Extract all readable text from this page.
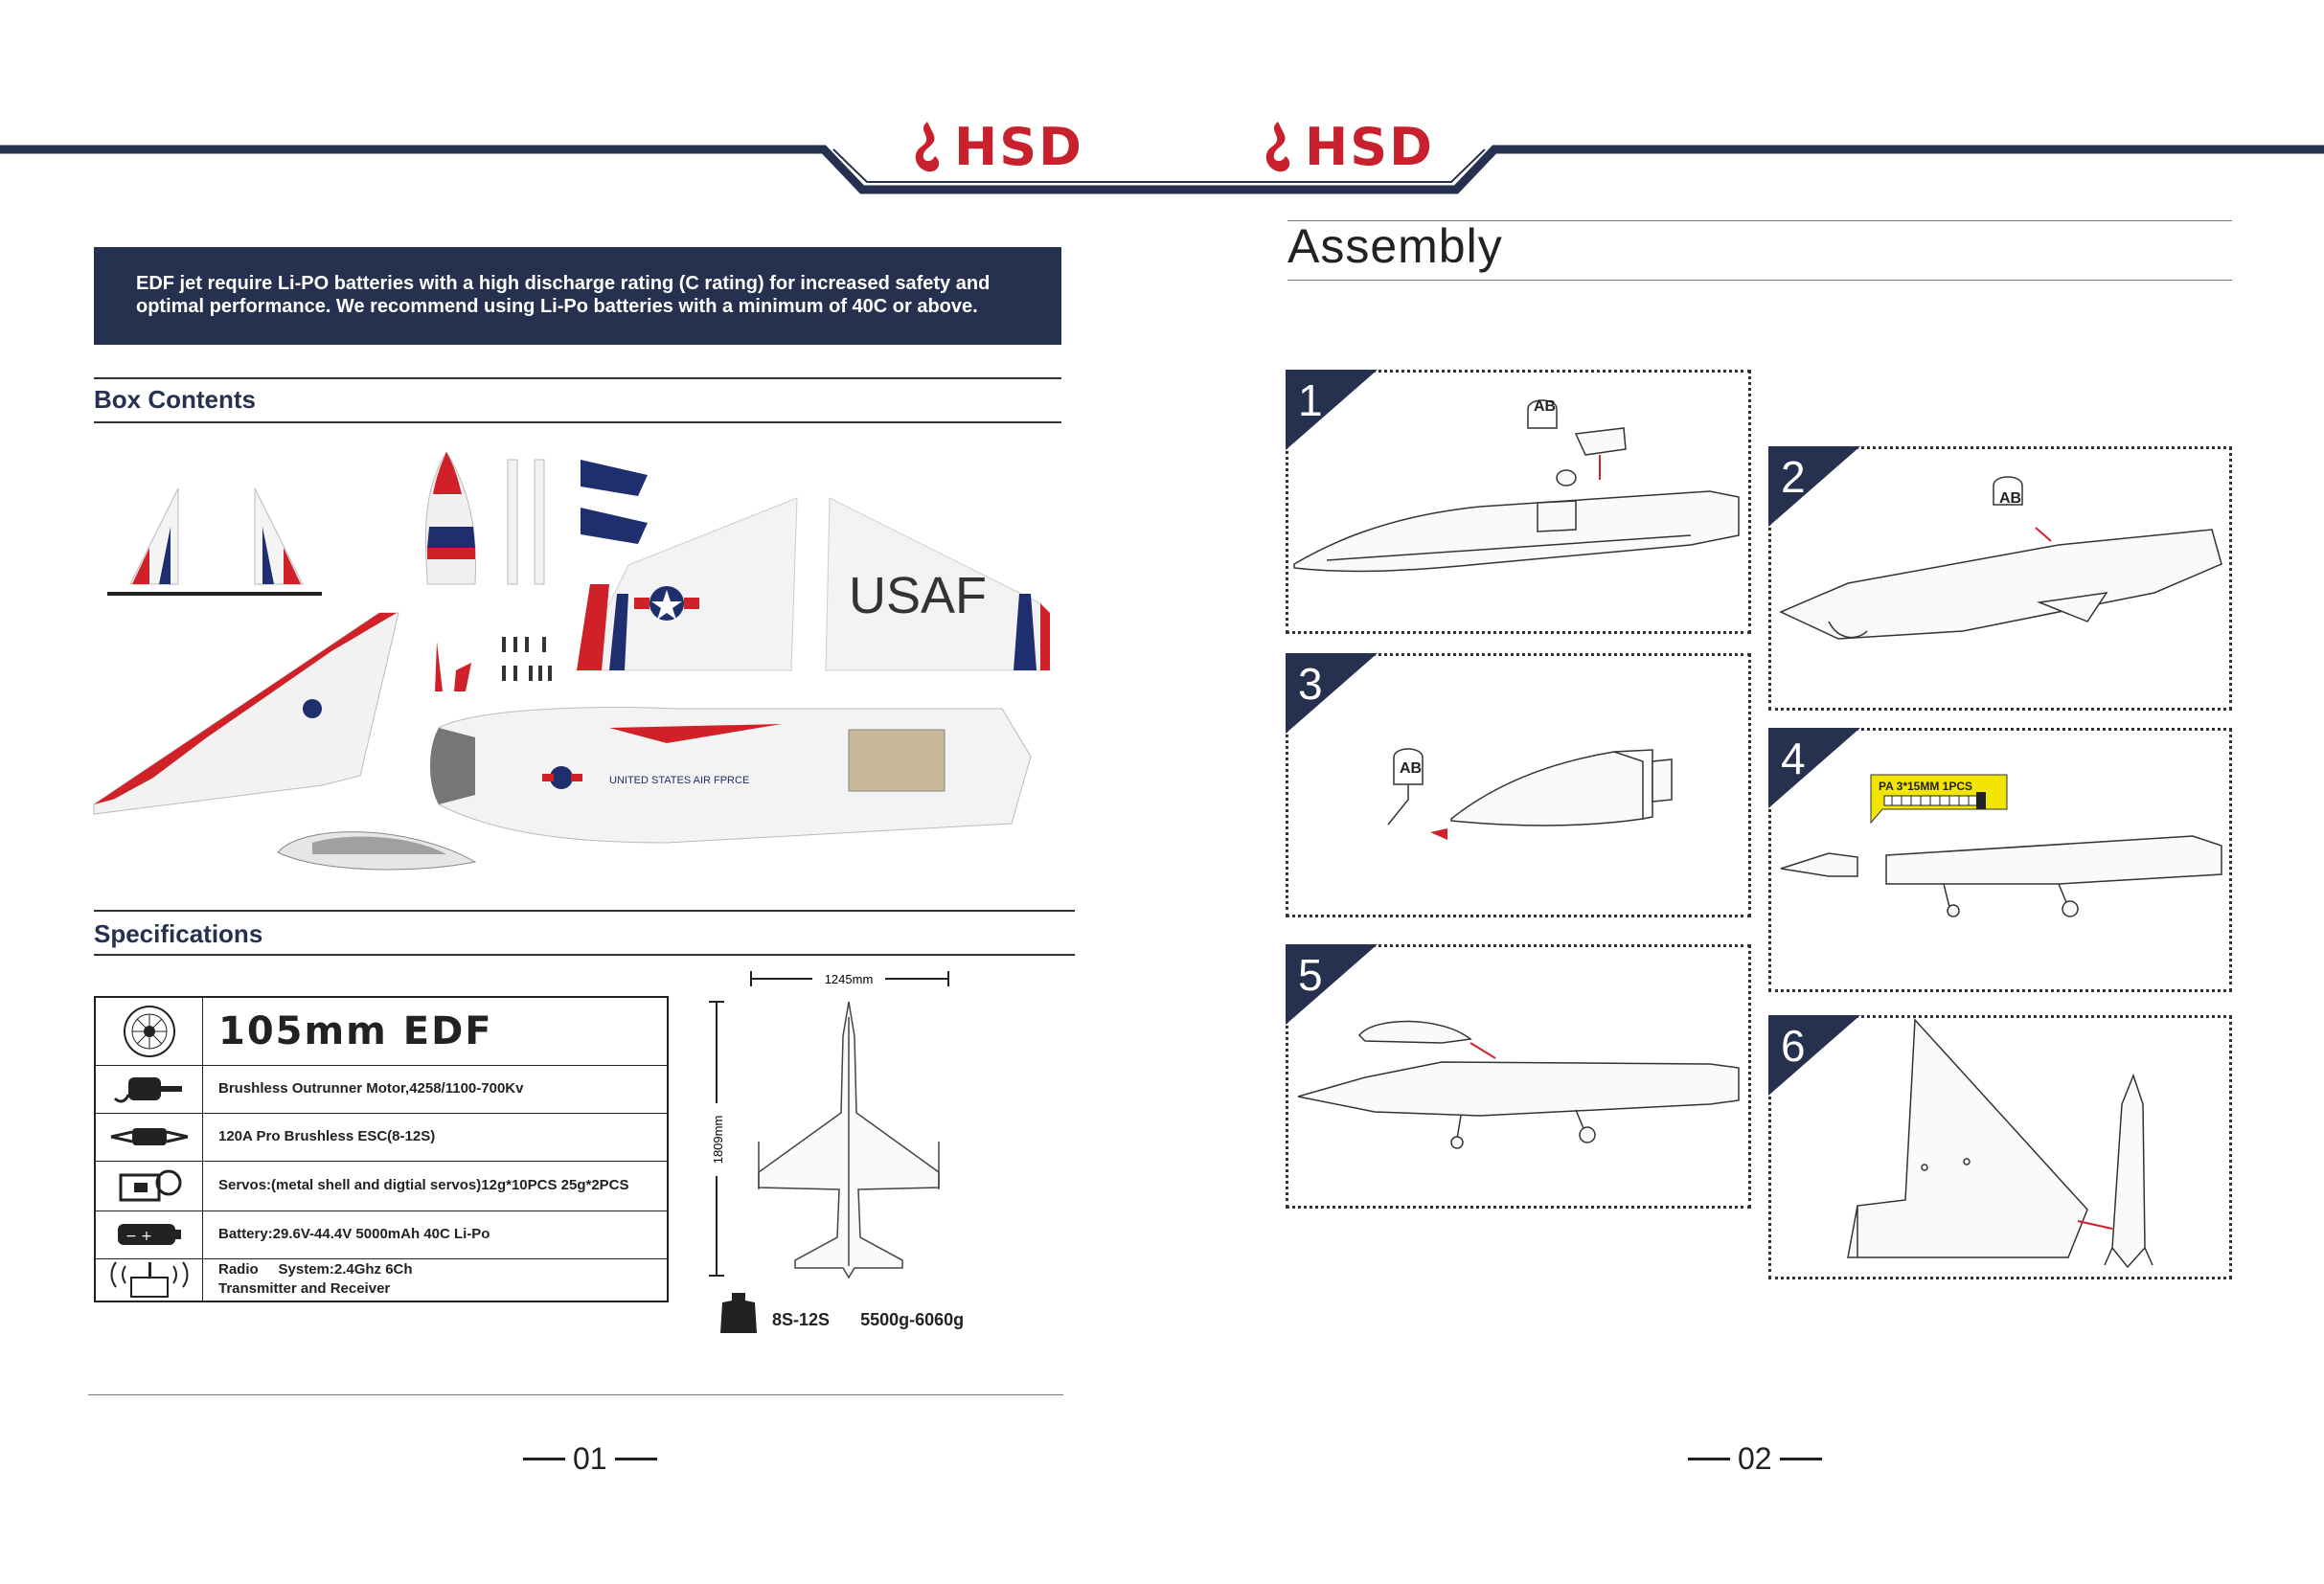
HSD	HSD

EDF jet require Li-PO batteries with a high discharge rating (C rating) for increased safety and

optimal performance. We recommend using Li-Po batteries with a minimum of 40C or above.

Box Contents
USAF
UNITED STATES AIR FPRCE
Specifications
105mm EDF
Brushless Outrunner Motor,4258/1100-700Kv
120A Pro Brushless ESC(8-12S)
Servos:(metal shell and digtial servos)12g*10PCS 25g*2PCS
− +	Battery:29.6V-44.4V 5000mAh 40C Li-Po
Radio     System:2.4Ghz 6Ch
Transmitter and Receiver
1245mm
1809mm
8S-12S 5500g-6060g
01
Assembly
1	AB
2	AB
3
AB	4
PA 3*15MM 1PCS
5
6
02
